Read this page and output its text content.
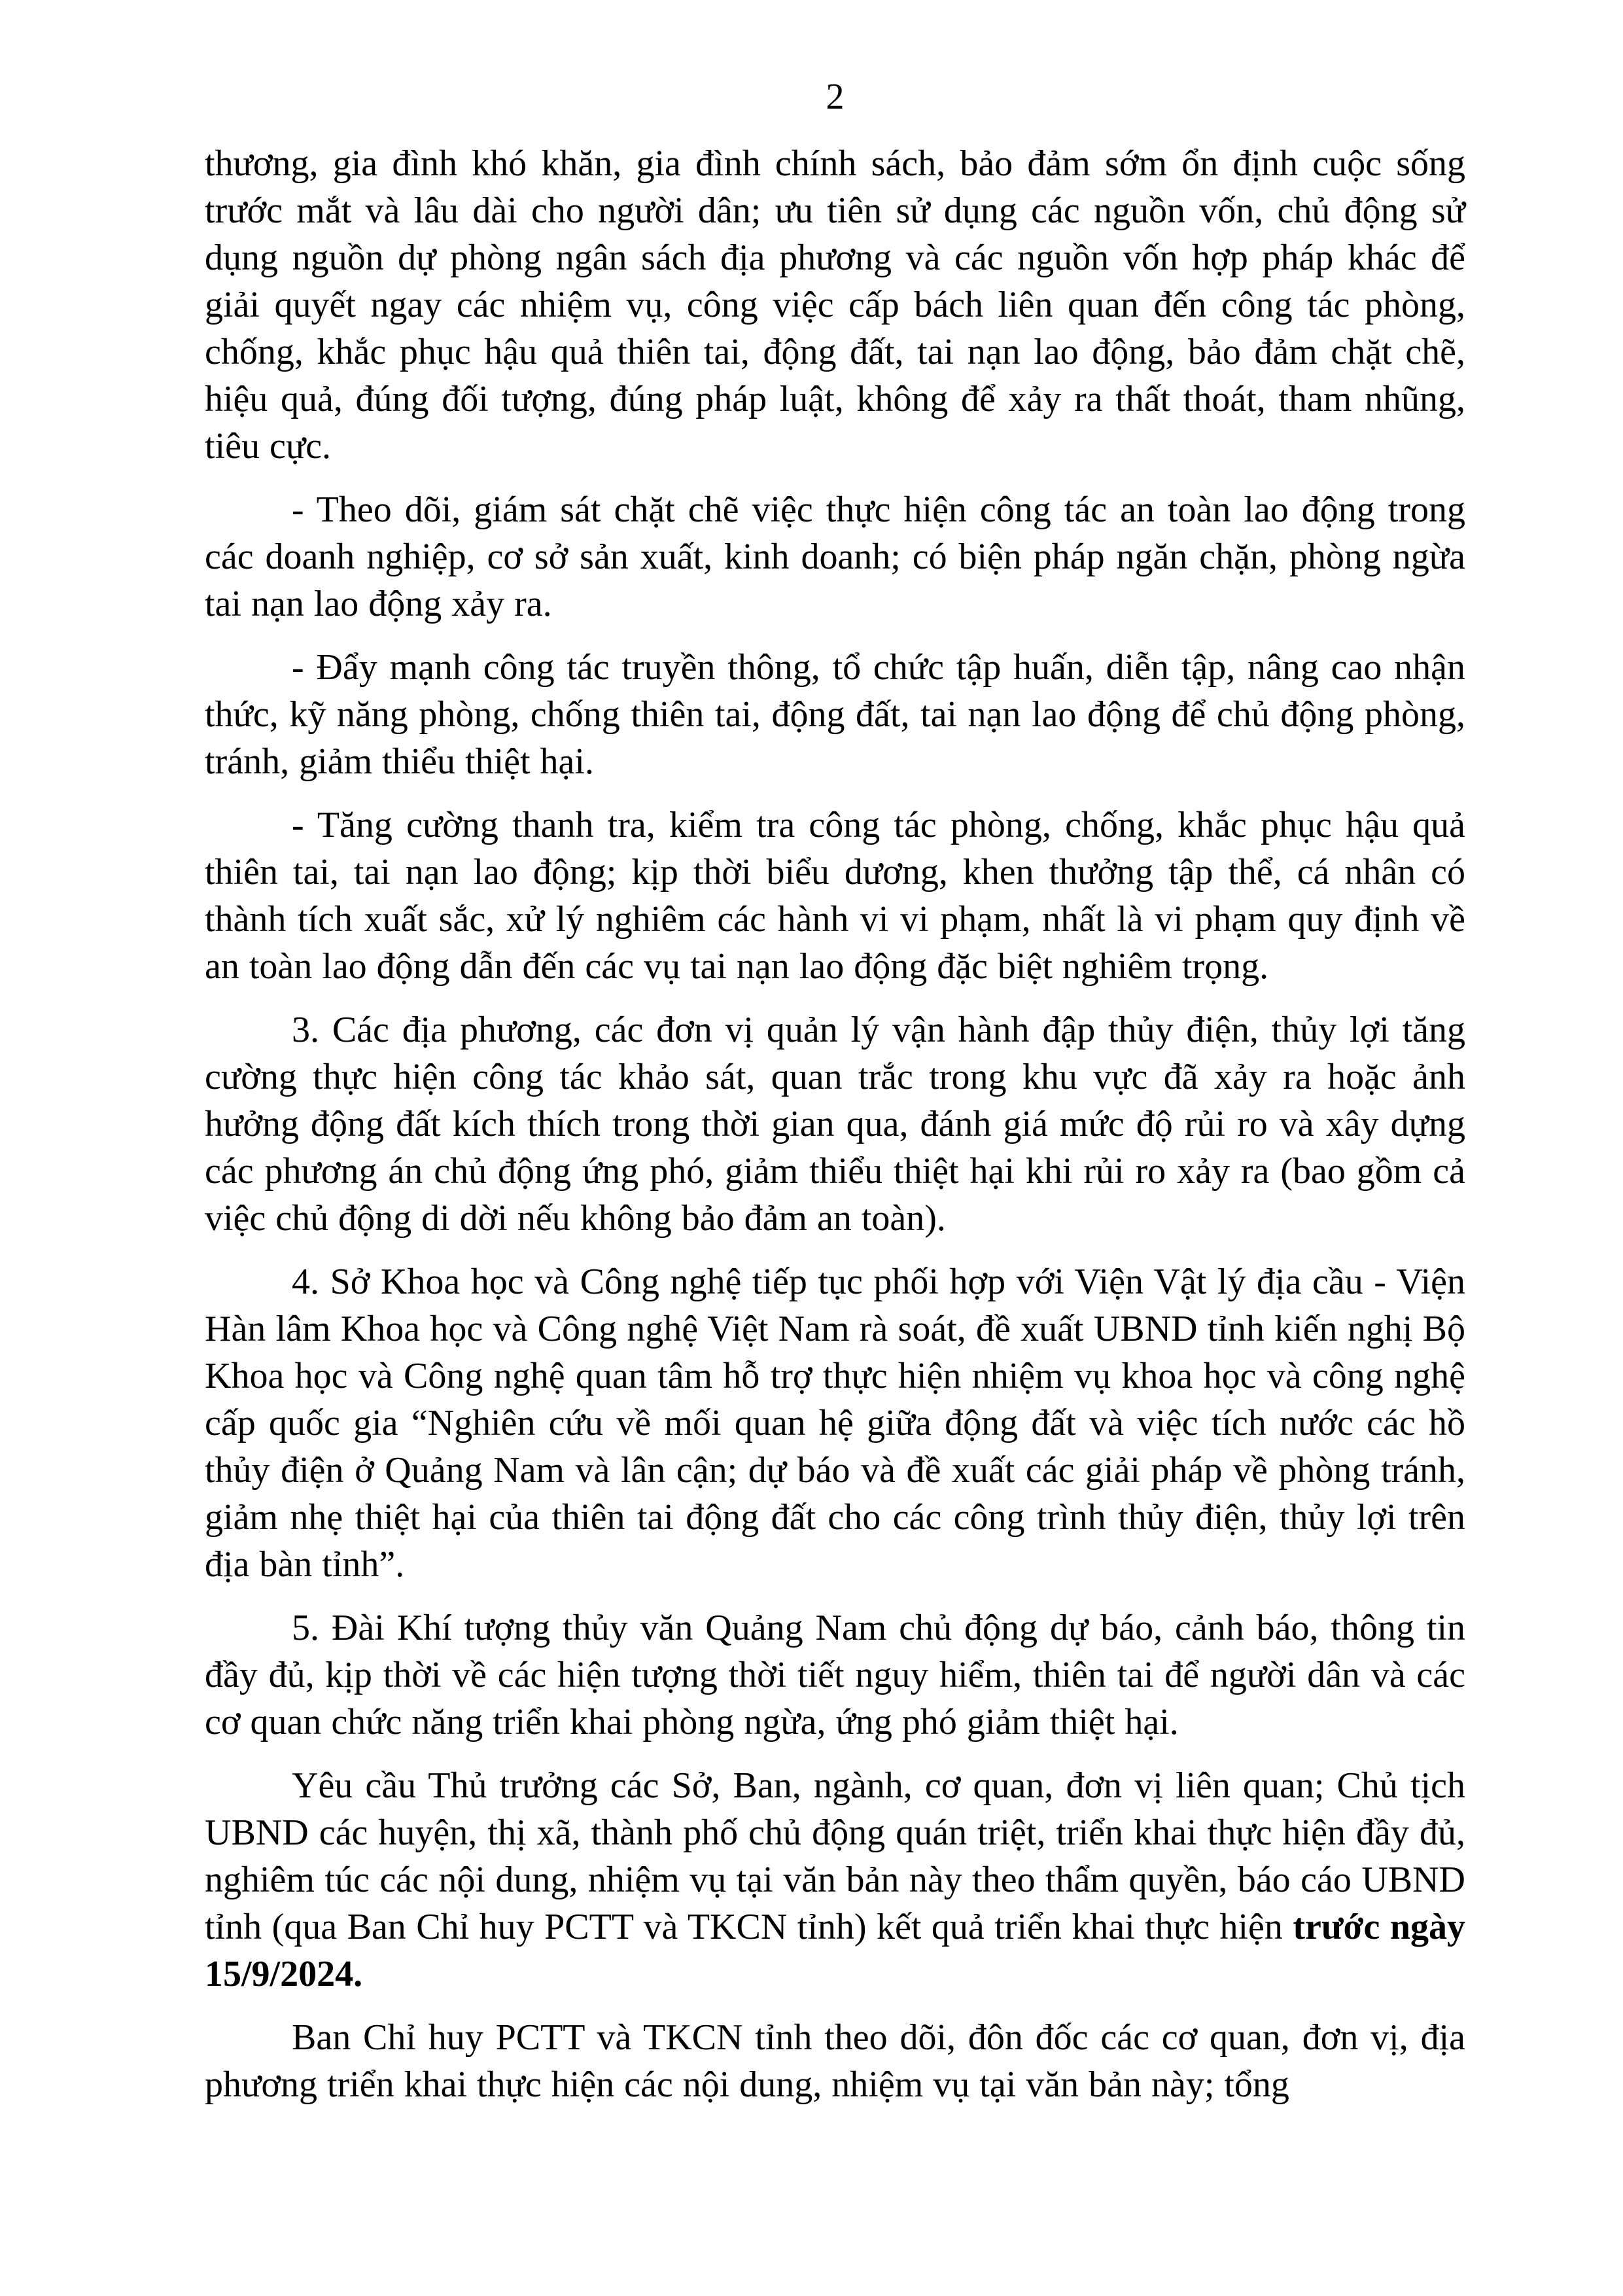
2

thương, gia đình khó khăn, gia đình chính sách, bảo đảm sớm ổn định cuộc sống trước mắt và lâu dài cho người dân; ưu tiên sử dụng các nguồn vốn, chủ động sử dụng nguồn dự phòng ngân sách địa phương và các nguồn vốn hợp pháp khác để giải quyết ngay các nhiệm vụ, công việc cấp bách liên quan đến công tác phòng, chống, khắc phục hậu quả thiên tai, động đất, tai nạn lao động, bảo đảm chặt chẽ, hiệu quả, đúng đối tượng, đúng pháp luật, không để xảy ra thất thoát, tham nhũng, tiêu cực.

- Theo dõi, giám sát chặt chẽ việc thực hiện công tác an toàn lao động trong các doanh nghiệp, cơ sở sản xuất, kinh doanh; có biện pháp ngăn chặn, phòng ngừa tai nạn lao động xảy ra.

- Đẩy mạnh công tác truyền thông, tổ chức tập huấn, diễn tập, nâng cao nhận thức, kỹ năng phòng, chống thiên tai, động đất, tai nạn lao động để chủ động phòng, tránh, giảm thiểu thiệt hại.

- Tăng cường thanh tra, kiểm tra công tác phòng, chống, khắc phục hậu quả thiên tai, tai nạn lao động; kịp thời biểu dương, khen thưởng tập thể, cá nhân có thành tích xuất sắc, xử lý nghiêm các hành vi vi phạm, nhất là vi phạm quy định về an toàn lao động dẫn đến các vụ tai nạn lao động đặc biệt nghiêm trọng.

3. Các địa phương, các đơn vị quản lý vận hành đập thủy điện, thủy lợi tăng cường thực hiện công tác khảo sát, quan trắc trong khu vực đã xảy ra hoặc ảnh hưởng động đất kích thích trong thời gian qua, đánh giá mức độ rủi ro và xây dựng các phương án chủ động ứng phó, giảm thiểu thiệt hại khi rủi ro xảy ra (bao gồm cả việc chủ động di dời nếu không bảo đảm an toàn).

4. Sở Khoa học và Công nghệ tiếp tục phối hợp với Viện Vật lý địa cầu - Viện Hàn lâm Khoa học và Công nghệ Việt Nam rà soát, đề xuất UBND tỉnh kiến nghị Bộ Khoa học và Công nghệ quan tâm hỗ trợ thực hiện nhiệm vụ khoa học và công nghệ cấp quốc gia “Nghiên cứu về mối quan hệ giữa động đất và việc tích nước các hồ thủy điện ở Quảng Nam và lân cận; dự báo và đề xuất các giải pháp về phòng tránh, giảm nhẹ thiệt hại của thiên tai động đất cho các công trình thủy điện, thủy lợi trên địa bàn tỉnh”.

5. Đài Khí tượng thủy văn Quảng Nam chủ động dự báo, cảnh báo, thông tin đầy đủ, kịp thời về các hiện tượng thời tiết nguy hiểm, thiên tai để người dân và các cơ quan chức năng triển khai phòng ngừa, ứng phó giảm thiệt hại.

Yêu cầu Thủ trưởng các Sở, Ban, ngành, cơ quan, đơn vị liên quan; Chủ tịch UBND các huyện, thị xã, thành phố chủ động quán triệt, triển khai thực hiện đầy đủ, nghiêm túc các nội dung, nhiệm vụ tại văn bản này theo thẩm quyền, báo cáo UBND tỉnh (qua Ban Chỉ huy PCTT và TKCN tỉnh) kết quả triển khai thực hiện trước ngày 15/9/2024.

Ban Chỉ huy PCTT và TKCN tỉnh theo dõi, đôn đốc các cơ quan, đơn vị, địa phương triển khai thực hiện các nội dung, nhiệm vụ tại văn bản này; tổng
